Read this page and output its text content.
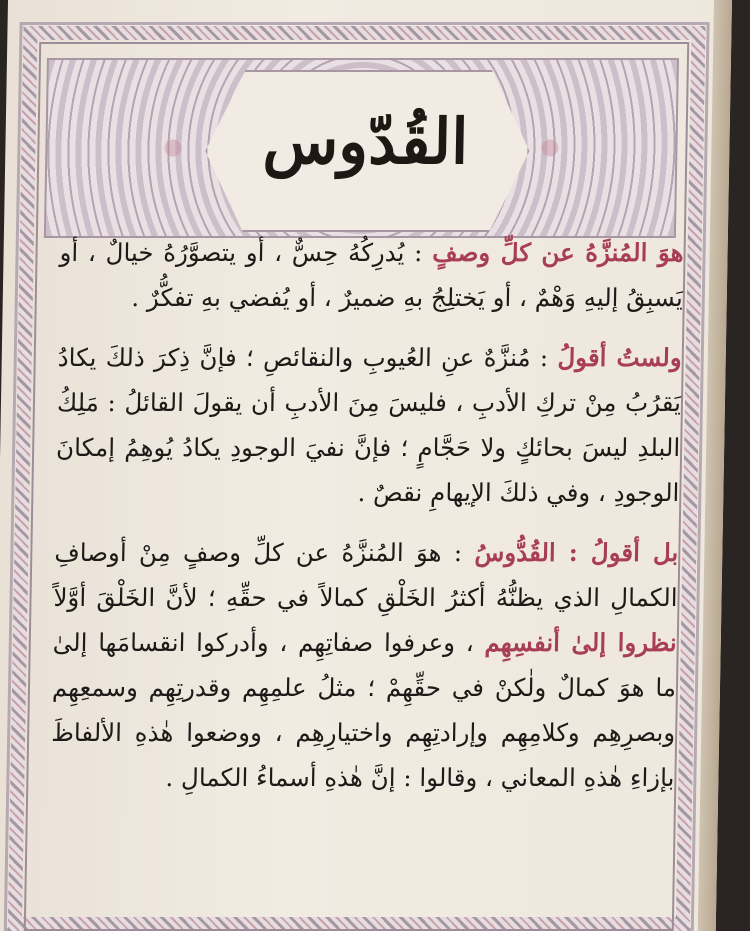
القُدّوس

هوَ المُنزَّهُ عن كلِّ وصفٍ : يُدرِكُهُ حِسٌّ ، أو يتصوَّرُهُ خيالٌ ، أو يَسبِقُ إليهِ وَهْمٌ ، أو يَختلِجُ بهِ ضميرٌ ، أو يُفضي بهِ تفكُّرٌ .

ولستُ أقولُ : مُنزَّهٌ عنِ العُيوبِ والنقائصِ ؛ فإنَّ ذِكرَ ذلكَ يكادُ يَقرُبُ مِنْ تركِ الأدبِ ، فليسَ مِنَ الأدبِ أن يقولَ القائلُ : مَلِكُ البلدِ ليسَ بحائكٍ ولا حَجَّامٍ ؛ فإنَّ نفيَ الوجودِ يكادُ يُوهِمُ إمكانَ الوجودِ ، وفي ذلكَ الإيهامِ نقصٌ .

بل أقولُ : القُدُّوسُ : هوَ المُنزَّهُ عن كلِّ وصفٍ مِنْ أوصافِ الكمالِ الذي يظنُّهُ أكثرُ الخَلْقِ كمالاً في حقِّهِ ؛ لأنَّ الخَلْقَ أوَّلاً نظروا إلىٰ أنفسِهِم ، وعرفوا صفاتِهِم ، وأدركوا انقسامَها إلىٰ ما هوَ كمالٌ ولٰكنْ في حقِّهِمْ ؛ مثلُ علمِهِم وقدرتِهِم وسمعِهِم وبصرِهِم وكلامِهِم وإرادتِهِم واختيارِهِم ، ووضعوا هٰذهِ الألفاظَ بإزاءِ هٰذهِ المعاني ، وقالوا : إنَّ هٰذهِ أسماءُ الكمالِ .
